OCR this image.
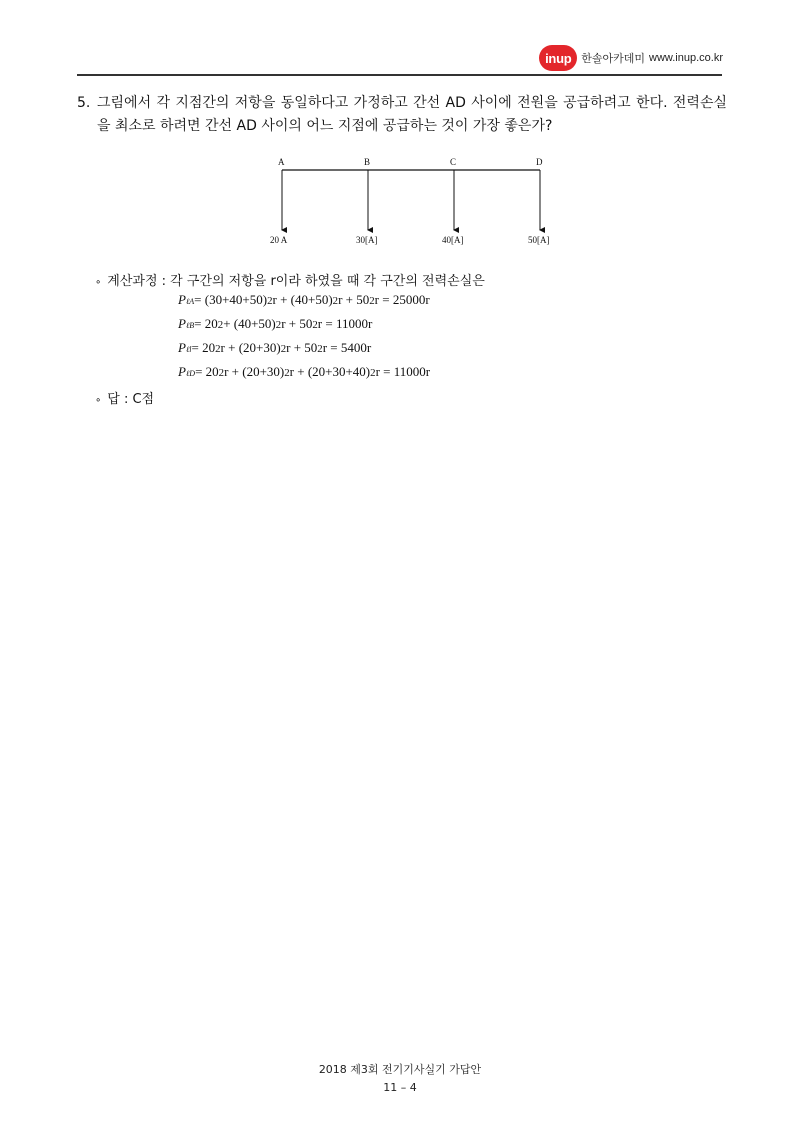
inup 한솔아카데미 www.inup.co.kr
5. 그림에서 각 지점간의 저항을 동일하다고 가정하고 간선 AD 사이에 전원을 공급하려고 한다. 전력손실을 최소로 하려면 간선 AD 사이의 어느 지점에 공급하는 것이 가장 좋은가?
A	B	C	D
20 A	30[A]	40[A]	50[A]
∘ 계산과정 : 각 구간의 저항을 r이라 하였을 때 각 구간의 전력손실은
P ℓA = (30+40+50) 2 r + (40+50) 2 r + 50 2 r = 25000r
P ℓB = 20 2 + (40+50) 2 r + 50 2 r = 11000r
P ℓl = 20 2 r + (20+30) 2 r + 50 2 r = 5400r
P ℓD = 20 2 r + (20+30) 2 r + (20+30+40) 2 r = 11000r
∘ 답 : C점
2018 제3회 전기기사실기 가답안
11 – 4
